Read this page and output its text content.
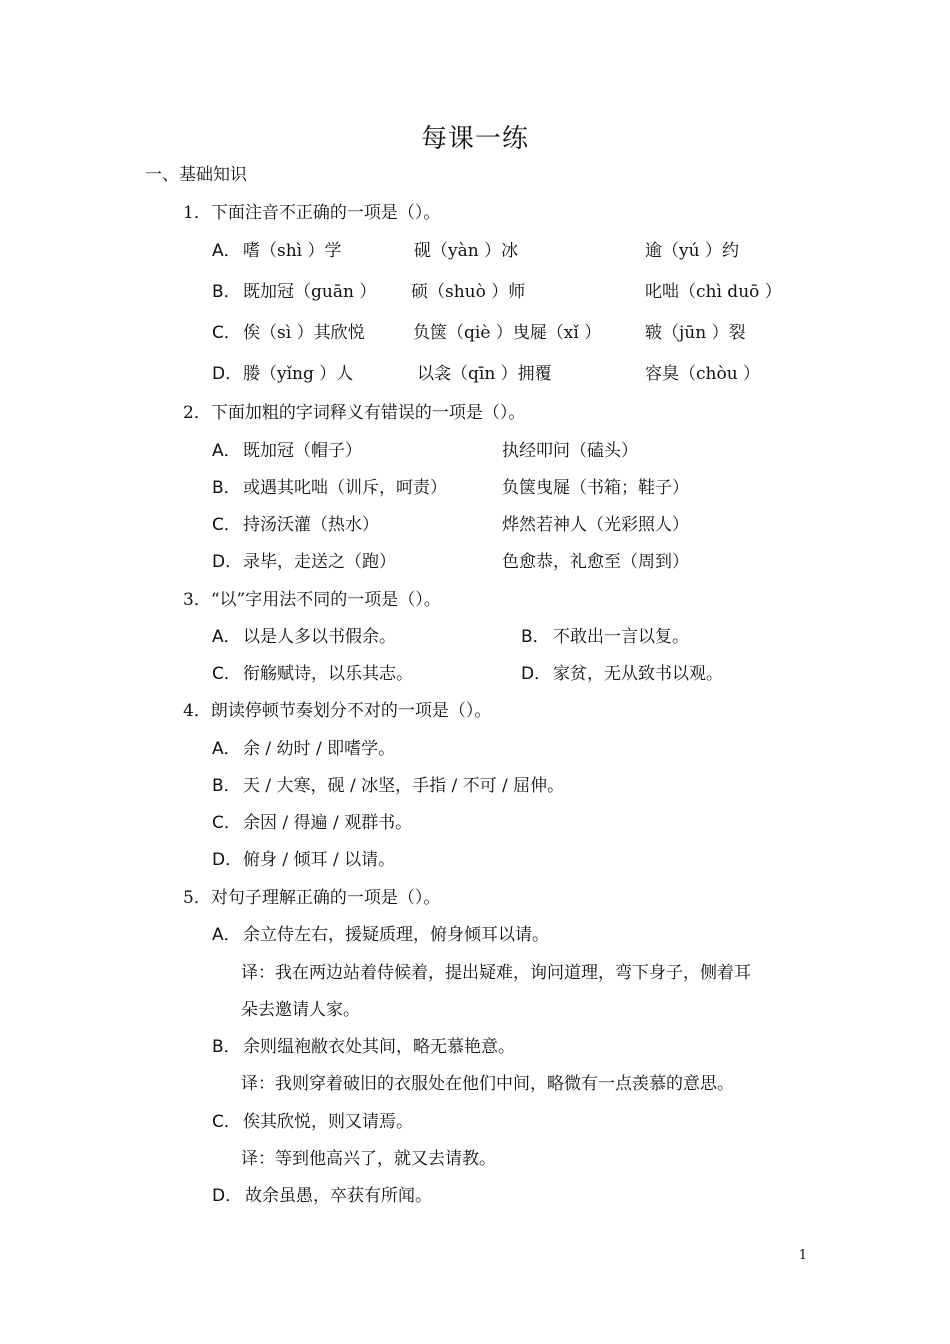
每课一练
一、基础知识
1．下面注音不正确的一项是（）。
A． 嗜（shì ）学	砚（yàn ）冰	逾（yú ）约
B． 既加冠（guān ） 硕（shuò ）师	叱咄（chì duō ）
C． 俟（sì ）其欣悦	负箧（qiè ）曳屣（xǐ ）	皲（jūn ）裂
D． 媵（yǐng ）人	以衾（qīn ）拥覆	容臭（chòu ）
2．下面加粗的字词释义有错误的一项是（）。
A． 既加冠（帽子）	执经叩问（磕头）
B． 或遇其叱咄（训斥，呵责）	负箧曳屣（书箱；鞋子）
C． 持汤沃灌（热水）	烨然若神人（光彩照人）
D． 录毕，走送之（跑）	色愈恭，礼愈至（周到）
3．“以”字用法不同的一项是（）。
A． 以是人多以书假余。	B． 不敢出一言以复。
C． 衔觞赋诗，以乐其志。	D． 家贫，无从致书以观。
4．朗读停顿节奏划分不对的一项是（）。
A． 余 / 幼时 / 即嗜学。
B． 天 / 大寒，砚 / 冰坚，手指 / 不可 / 屈伸。
C． 余因 / 得遍 / 观群书。
D． 俯身 / 倾耳 / 以请。
5．对句子理解正确的一项是（）。
A． 余立侍左右，援疑质理，俯身倾耳以请。
译：我在两边站着侍候着，提出疑难，询问道理，弯下身子，侧着耳
朵去邀请人家。
B． 余则缊袍敝衣处其间，略无慕艳意。
译：我则穿着破旧的衣服处在他们中间，略微有一点羡慕的意思。
C． 俟其欣悦，则又请焉。
译：等到他高兴了，就又去请教。
D． 故余虽愚，卒获有所闻。
1
